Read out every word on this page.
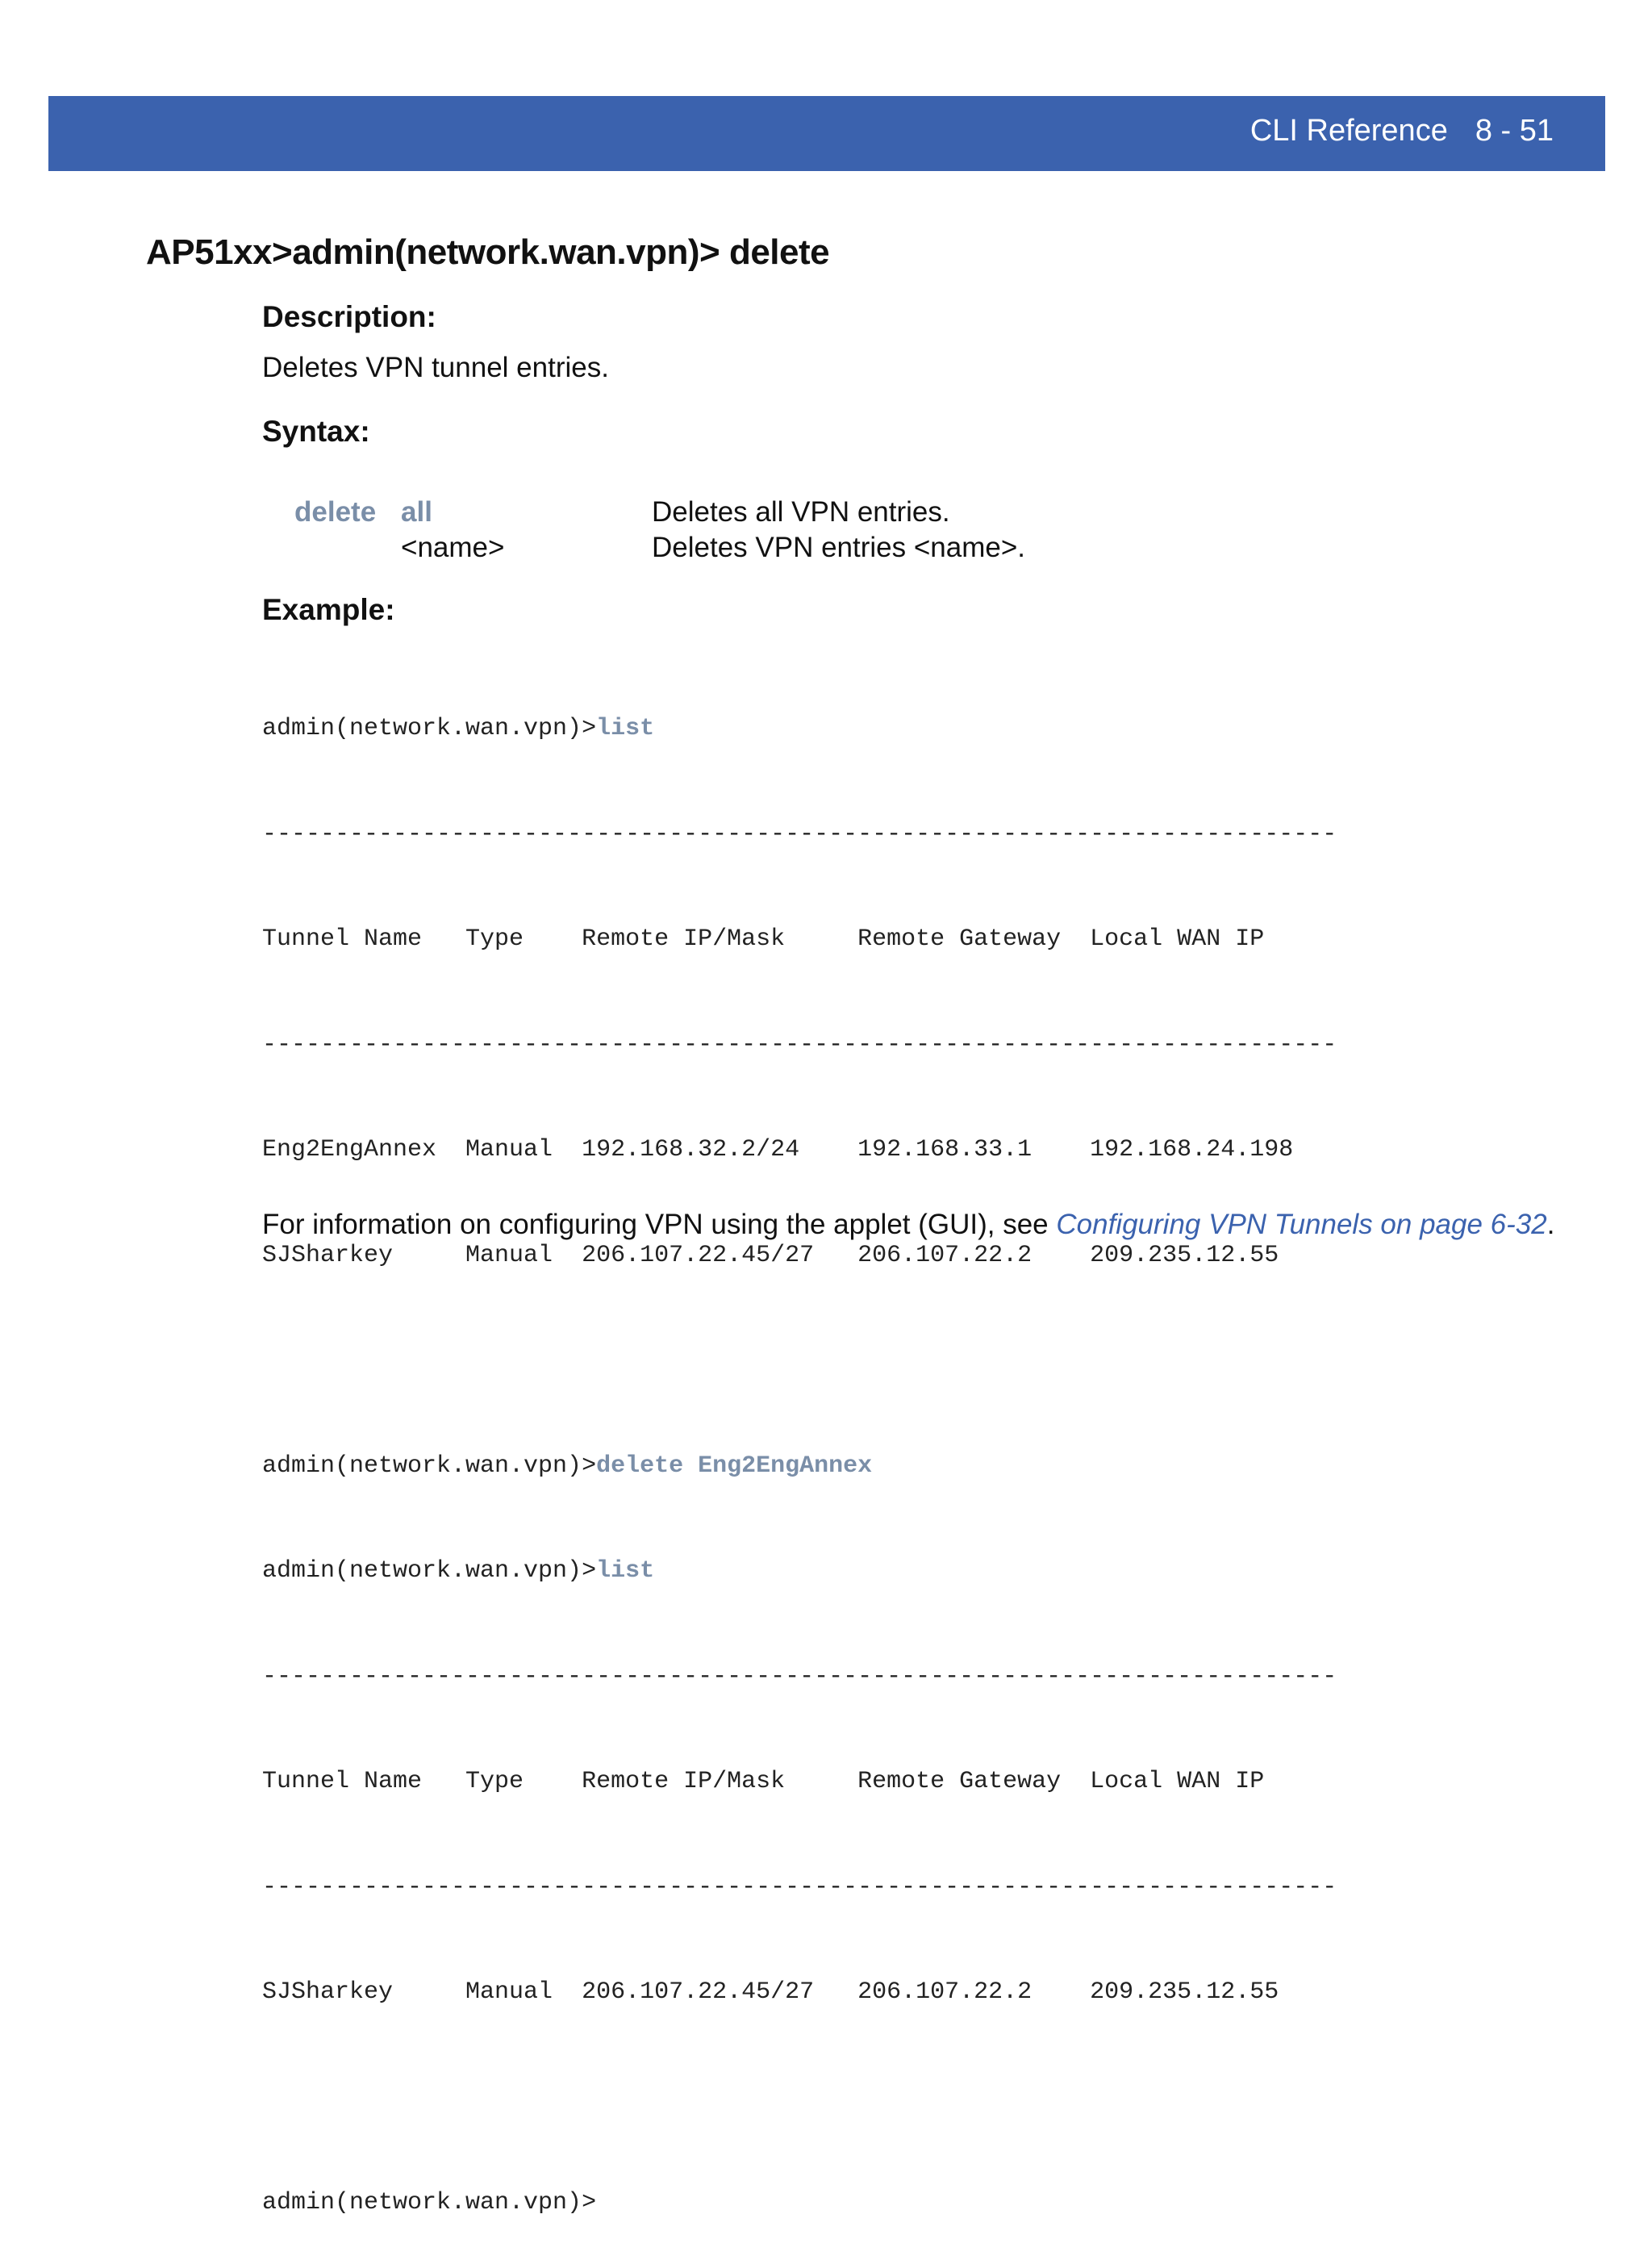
CLI Reference 8 - 51
AP51xx>admin(network.wan.vpn)> delete
Description:
Deletes VPN tunnel entries.
Syntax:
delete all	Deletes all VPN entries.
<name>	Deletes VPN entries <name>.
Example:

admin(network.wan.vpn)>list

--------------------------------------------------------------------------

Tunnel Name   Type    Remote IP/Mask     Remote Gateway  Local WAN IP

--------------------------------------------------------------------------

Eng2EngAnnex  Manual  192.168.32.2/24    192.168.33.1    192.168.24.198

SJSharkey     Manual  206.107.22.45/27   206.107.22.2    209.235.12.55

admin(network.wan.vpn)>delete Eng2EngAnnex

admin(network.wan.vpn)>list

--------------------------------------------------------------------------

Tunnel Name   Type    Remote IP/Mask     Remote Gateway  Local WAN IP

--------------------------------------------------------------------------

SJSharkey     Manual  206.107.22.45/27   206.107.22.2    209.235.12.55

admin(network.wan.vpn)>

For information on configuring VPN using the applet (GUI), see Configuring VPN Tunnels on page 6-32.
